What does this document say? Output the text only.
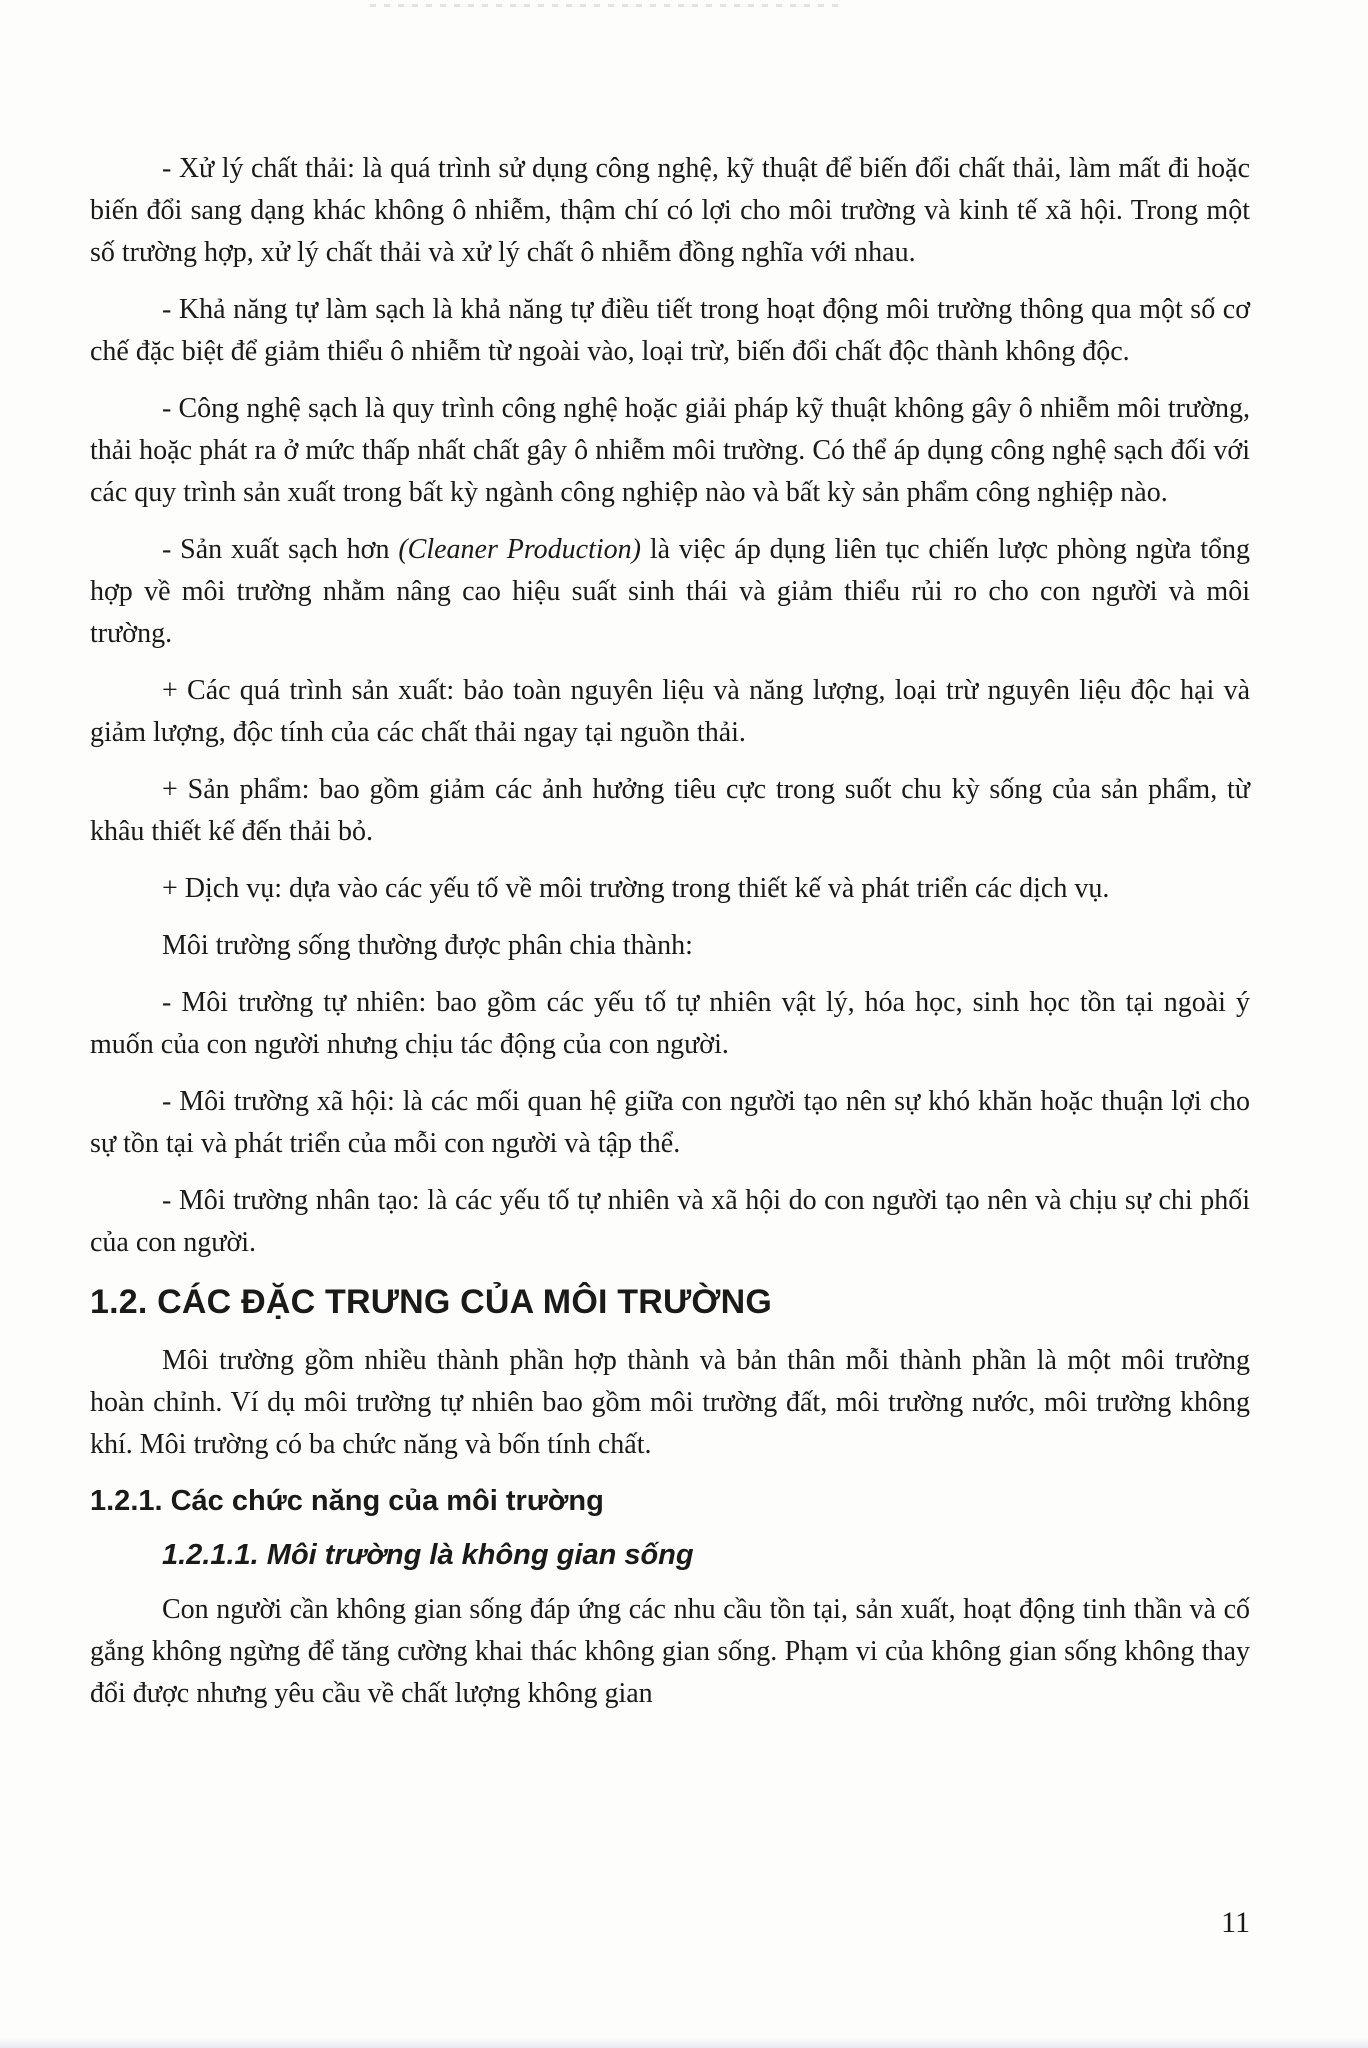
- Xử lý chất thải: là quá trình sử dụng công nghệ, kỹ thuật để biến đổi chất thải, làm mất đi hoặc biến đổi sang dạng khác không ô nhiễm, thậm chí có lợi cho môi trường và kinh tế xã hội. Trong một số trường hợp, xử lý chất thải và xử lý chất ô nhiễm đồng nghĩa với nhau.

- Khả năng tự làm sạch là khả năng tự điều tiết trong hoạt động môi trường thông qua một số cơ chế đặc biệt để giảm thiểu ô nhiễm từ ngoài vào, loại trừ, biến đổi chất độc thành không độc.

- Công nghệ sạch là quy trình công nghệ hoặc giải pháp kỹ thuật không gây ô nhiễm môi trường, thải hoặc phát ra ở mức thấp nhất chất gây ô nhiễm môi trường. Có thể áp dụng công nghệ sạch đối với các quy trình sản xuất trong bất kỳ ngành công nghiệp nào và bất kỳ sản phẩm công nghiệp nào.

- Sản xuất sạch hơn (Cleaner Production) là việc áp dụng liên tục chiến lược phòng ngừa tổng hợp về môi trường nhằm nâng cao hiệu suất sinh thái và giảm thiểu rủi ro cho con người và môi trường.

+ Các quá trình sản xuất: bảo toàn nguyên liệu và năng lượng, loại trừ nguyên liệu độc hại và giảm lượng, độc tính của các chất thải ngay tại nguồn thải.

+ Sản phẩm: bao gồm giảm các ảnh hưởng tiêu cực trong suốt chu kỳ sống của sản phẩm, từ khâu thiết kế đến thải bỏ.

+ Dịch vụ: dựa vào các yếu tố về môi trường trong thiết kế và phát triển các dịch vụ.

Môi trường sống thường được phân chia thành:

- Môi trường tự nhiên: bao gồm các yếu tố tự nhiên vật lý, hóa học, sinh học tồn tại ngoài ý muốn của con người nhưng chịu tác động của con người.

- Môi trường xã hội: là các mối quan hệ giữa con người tạo nên sự khó khăn hoặc thuận lợi cho sự tồn tại và phát triển của mỗi con người và tập thể.

- Môi trường nhân tạo: là các yếu tố tự nhiên và xã hội do con người tạo nên và chịu sự chi phối của con người.

1.2. CÁC ĐẶC TRƯNG CỦA MÔI TRƯỜNG

Môi trường gồm nhiều thành phần hợp thành và bản thân mỗi thành phần là một môi trường hoàn chỉnh. Ví dụ môi trường tự nhiên bao gồm môi trường đất, môi trường nước, môi trường không khí. Môi trường có ba chức năng và bốn tính chất.

1.2.1. Các chức năng của môi trường
1.2.1.1. Môi trường là không gian sống

Con người cần không gian sống đáp ứng các nhu cầu tồn tại, sản xuất, hoạt động tinh thần và cố gắng không ngừng để tăng cường khai thác không gian sống. Phạm vi của không gian sống không thay đổi được nhưng yêu cầu về chất lượng không gian

11
